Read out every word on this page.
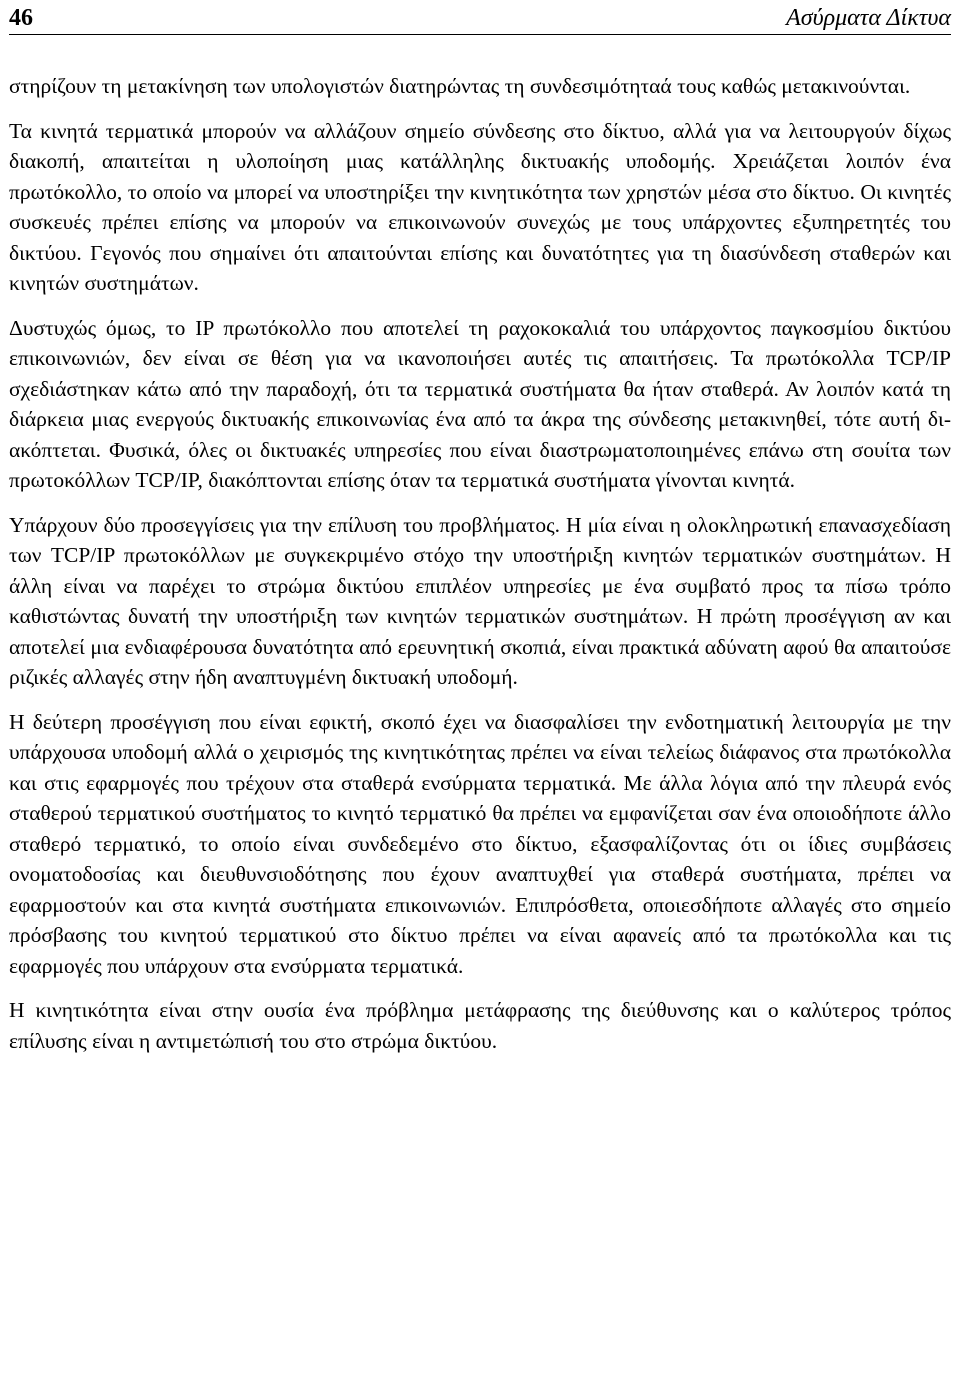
46	Ασύρματα Δίκτυα

στηρίζουν τη μετακίνηση των υπολογιστών διατηρώντας τη συνδεσιμότηταά τους καθώς μετακινούνται.

Τα κινητά τερματικά μπορούν να αλλάζουν σημείο σύνδεσης στο δίκτυο, αλλά για να λειτουργούν δίχως διακοπή, απαιτείται η υλοποίηση μιας κατάλληλης δικτυακής υποδομής. Χρειάζεται λοιπόν ένα πρωτόκολλο, το οποίο να μπορεί να υποστηρίξει την κινητικότητα των χρηστών μέσα στο δίκτυο. Οι κινητές συσκευές πρέπει επίσης να μπορούν να επικοινωνούν συνεχώς με τους υπάρχοντες εξυπηρετητές του δικτύου. Γεγονός που σημαίνει ότι απαιτούνται επίσης και δυνατότητες για τη διασύνδεση σταθερών και κινητών συστημάτων.

Δυστυχώς όμως, το IP πρωτόκολλο που αποτελεί τη ραχοκοκαλιά του υπάρχοντος παγκοσμίου δικτύου επικοινωνιών, δεν είναι σε θέση για να ικανοποιήσει αυτές τις απαιτήσεις. Τα πρωτόκολλα TCP/IP σχεδιάστηκαν κάτω από την παραδοχή, ότι τα τερματικά συστήματα θα ήταν σταθερά. Αν λοιπόν κατά τη διάρκεια μιας ενεργούς δικτυακής επικοινωνίας ένα από τα άκρα της σύνδεσης μετακινηθεί, τότε αυτή διακόπτεται. Φυσικά, όλες οι δικτυακές υπηρεσίες που είναι διαστρωματοποιημένες επάνω στη σουίτα των πρωτοκόλλων TCP/IP, διακόπτονται επίσης όταν τα τερματικά συστήματα γίνονται κινητά.

Υπάρχουν δύο προσεγγίσεις για την επίλυση του προβλήματος. Η μία είναι η ολοκληρωτική επανασχεδίαση των TCP/IP πρωτοκόλλων με συγκεκριμένο στόχο την υποστήριξη κινητών τερματικών συστημάτων. Η άλλη είναι να παρέχει το στρώμα δικτύου επιπλέον υπηρεσίες με ένα συμβατό προς τα πίσω τρόπο καθιστώντας δυνατή την υποστήριξη των κινητών τερματικών συστημάτων. Η πρώτη προσέγγιση αν και αποτελεί μια ενδιαφέρουσα δυνατότητα από ερευνητική σκοπιά, είναι πρακτικά αδύνατη αφού θα απαιτούσε ριζικές αλλαγές στην ήδη αναπτυγμένη δικτυακή υποδομή.

Η δεύτερη προσέγγιση που είναι εφικτή, σκοπό έχει να διασφαλίσει την ενδοτηματική λειτουργία με την υπάρχουσα υποδομή αλλά ο χειρισμός της κινητικότητας πρέπει να είναι τελείως διάφανος στα πρωτόκολλα και στις εφαρμογές που τρέχουν στα σταθερά ενσύρματα τερματικά. Με άλλα λόγια από την πλευρά ενός σταθερού τερματικού συστήματος το κινητό τερματικό θα πρέπει να εμφανίζεται σαν ένα οποιοδήποτε άλλο σταθερό τερματικό, το οποίο είναι συνδεδεμένο στο δίκτυο, εξασφαλίζοντας ότι οι ίδιες συμβάσεις ονοματοδοσίας και διευθυνσιοδότησης που έχουν αναπτυχθεί για σταθερά συστήματα, πρέπει να εφαρμοστούν και στα κινητά συστήματα επικοινωνιών. Επιπρόσθετα, οποιεσδήποτε αλλαγές στο σημείο πρόσβασης του κινητού τερματικού στο δίκτυο πρέπει να είναι αφανείς από τα πρωτόκολλα και τις εφαρμογές που υπάρχουν στα ενσύρματα τερματικά.

Η κινητικότητα είναι στην ουσία ένα πρόβλημα μετάφρασης της διεύθυνσης και ο καλύτερος τρόπος επίλυσης είναι η αντιμετώπισή του στο στρώμα δικτύου.
